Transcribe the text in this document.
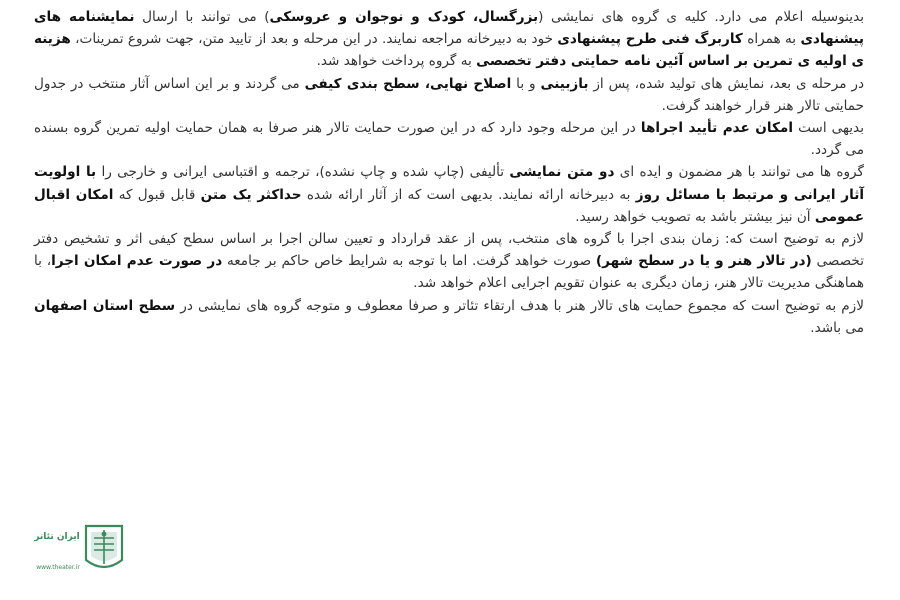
بدینوسیله اعلام می دارد. کلیه ی گروه های نمایشی (بزرگسال، کودک و نوجوان و عروسکی) می توانند با ارسال نمایشنامه های پیشنهادی به همراه کاربرگ فنی طرح پیشنهادی خود به دبیرخانه مراجعه نمایند. در این مرحله و بعد از تایید متن، جهت شروع تمرینات، هزینه ی اولیه ی تمرین بر اساس آئین نامه حمایتی دفتر تخصصی به گروه پرداخت خواهد شد.

در مرحله ی بعد، نمایش های تولید شده، پس از بازبینی و با اصلاح نهایی، سطح بندی کیفی می گردند و بر این اساس آثار منتخب در جدول حمایتی تالار هنر قرار خواهند گرفت.

بدیهی است امکان عدم تأیید اجراها در این مرحله وجود دارد که در این صورت حمایت تالار هنر صرفا به همان حمایت اولیه تمرین گروه بسنده می گردد.

گروه ها می توانند با هر مضمون و ایده ای دو متن نمایشی تألیفی (چاپ شده و چاپ نشده)، ترجمه و اقتباسی ایرانی و خارجی را با اولویت آثار ایرانی و مرتبط با مسائل روز به دبیرخانه ارائه نمایند. بدیهی است که از آثار ارائه شده حداکثر یک متن قابل قبول که امکان اقبال عمومی آن نیز بیشتر باشد به تصویب خواهد رسید.

لازم به توضیح است که: زمان بندی اجرا با گروه های منتخب، پس از عقد قرارداد و تعیین سالن اجرا بر اساس سطح کیفی اثر و تشخیص دفتر تخصصی (در تالار هنر و یا در سطح شهر) صورت خواهد گرفت. اما با توجه به شرایط خاص حاکم بر جامعه در صورت عدم امکان اجرا، با هماهنگی مدیریت تالار هنر، زمان دیگری به عنوان تقویم اجرایی اعلام خواهد شد.

لازم به توضیح است که مجموع حمایت های تالار هنر با هدف ارتقاء تئاتر و صرفا معطوف و متوجه گروه های نمایشی در سطح استان اصفهان می باشد.

ایران تئاتر
www.theater.ir
